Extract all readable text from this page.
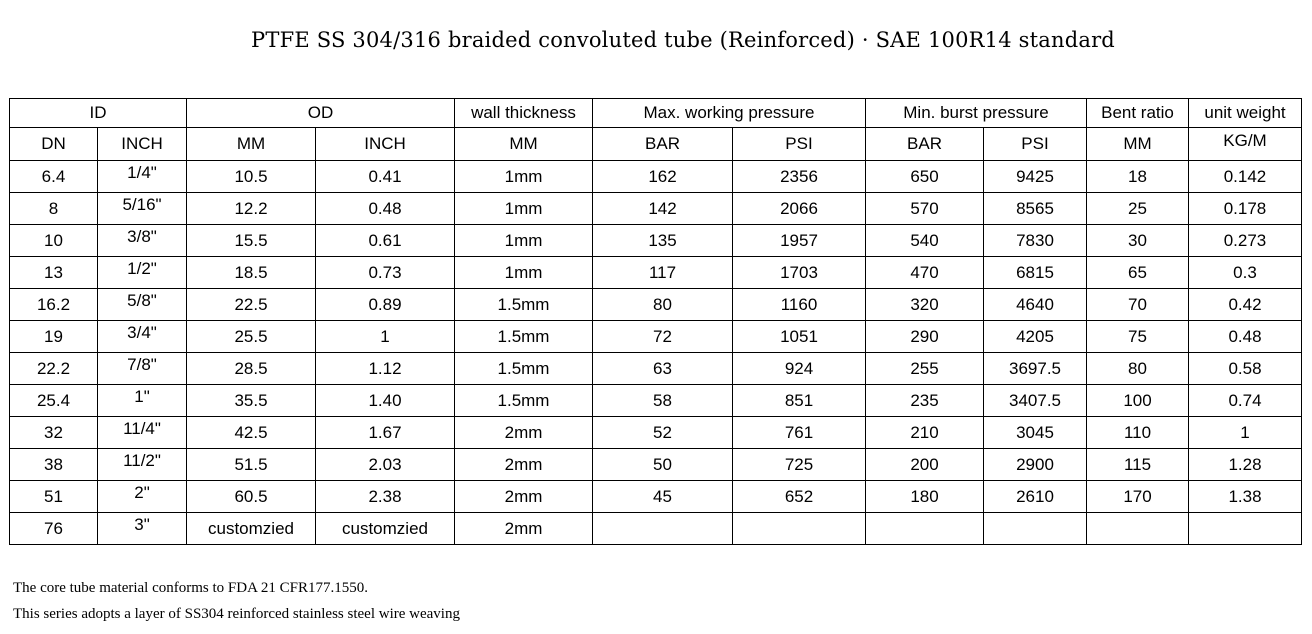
PTFE SS 304/316 braided convoluted tube (Reinforced) · SAE 100R14 standard
ID		OD		wall thickness	Max. working pressure		Min. burst pressure		Bent ratio	unit weight
DN	INCH	MM	INCH	MM	BAR	PSI	BAR	PSI	MM	KG/M
6.4	1/4"	10.5	0.41	1mm	162	2356	650	9425	18	0.142
8	5/16"	12.2	0.48	1mm	142	2066	570	8565	25	0.178
10	3/8"	15.5	0.61	1mm	135	1957	540	7830	30	0.273
13	1/2"	18.5	0.73	1mm	117	1703	470	6815	65	0.3
16.2	5/8"	22.5	0.89	1.5mm	80	1160	320	4640	70	0.42
19	3/4"	25.5	1	1.5mm	72	1051	290	4205	75	0.48
22.2	7/8"	28.5	1.12	1.5mm	63	924	255	3697.5	80	0.58
25.4	1"	35.5	1.40	1.5mm	58	851	235	3407.5	100	0.74
32	11/4"	42.5	1.67	2mm	52	761	210	3045	110	1
38	11/2"	51.5	2.03	2mm	50	725	200	2900	115	1.28
51	2"	60.5	2.38	2mm	45	652	180	2610	170	1.38
76	3"	customzied	customzied	2mm						
The core tube material conforms to FDA 21 CFR177.1550.
This series adopts a layer of SS304 reinforced stainless steel wire weaving
